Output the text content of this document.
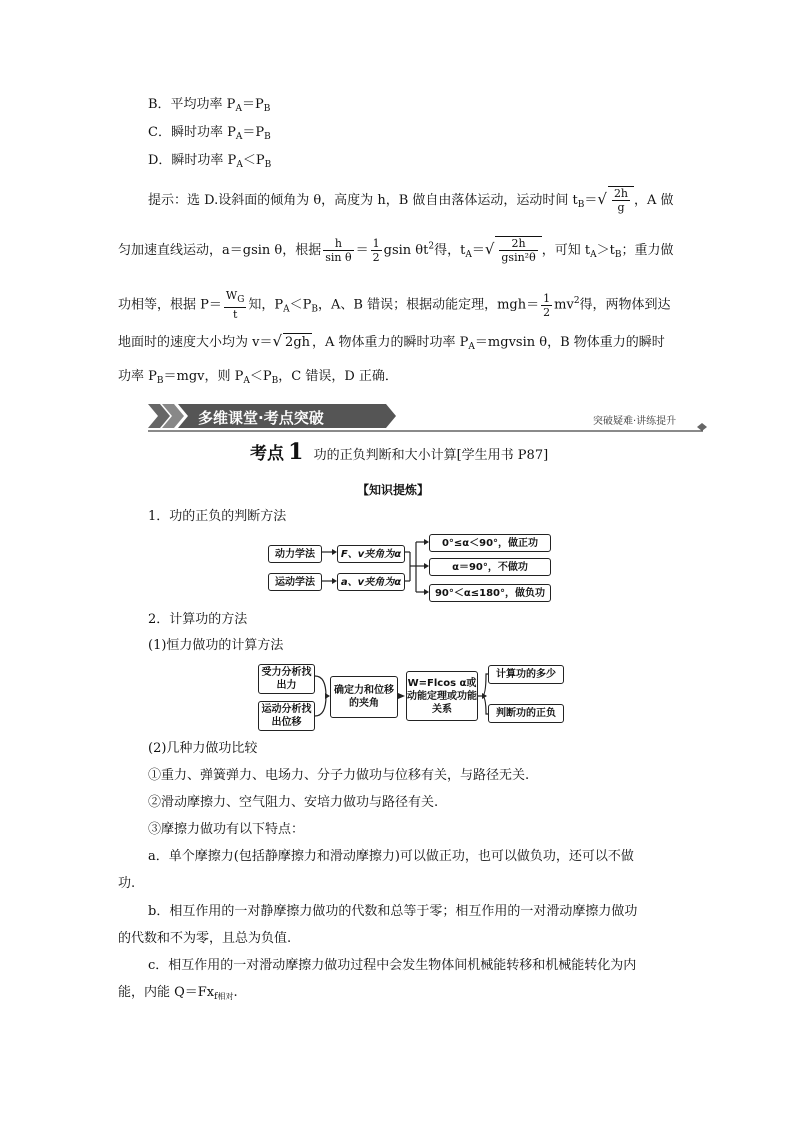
B．平均功率 $P_A=P_B$
C．瞬时功率 $P_A=P_B$
D．瞬时功率 $P_A<P_B$
提示：选 D.设斜面的倾角为 θ，高度为 h，B 做自由落体运动，运动时间 $t_B=√ \frac{2h}{g}$ ，A 做
匀加速直线运动，a＝gsin θ，根据 $\frac{h}{\text{sin θ}} = \frac{1}{2}$ gsin $\theta t^2$得，$t_A=√ \frac{2h}{\text{gsin²θ}}$ ，可知 $t_A>t_B$；重力做
功相等，根据 $P= \frac{W_G}{t}$ 知，$P_A<P_B$，A、B 错误；根据动能定理，$mgh= \frac{1}{2} mv^2$得，两物体到达
地面时的速度大小均为 v＝√ 2gh ，A 物体重力的瞬时功率 $P_A=mgvsin$ θ，B 物体重力的瞬时
功率 $P_B=mgv$，则 $P_A<P_B$，C 错误，D 正确．
多维课堂·考点突破	突破疑难·讲练提升
考点 1 功的正负判断和大小计算[学生用书 P87]
【知识提炼】
1．功的正负的判断方法
动力学法
运动学法
F、v夹角为α
a、v夹角为α
0°≤α＜90°，做正功
α＝90°，不做功
90°＜α≤180°，做负功
2．计算功的方法
(1)恒力做功的计算方法
受力分析找出力
运动分析找出位移
确定力和位移的夹角
W=Flcos α或动能定理或功能关系
计算功的多少
判断功的正负
(2)几种力做功比较
①重力、弹簧弹力、电场力、分子力做功与位移有关，与路径无关.
②滑动摩擦力、空气阻力、安培力做功与路径有关.
③摩擦力做功有以下特点：
a．单个摩擦力(包括静摩擦力和滑动摩擦力)可以做正功，也可以做负功，还可以不做
功.
b．相互作用的一对静摩擦力做功的代数和总等于零；相互作用的一对滑动摩擦力做功
的代数和不为零，且总为负值.
c．相互作用的一对滑动摩擦力做功过程中会发生物体间机械能转移和机械能转化为内
能，内能 $Q=Fx_{f相对}$.
